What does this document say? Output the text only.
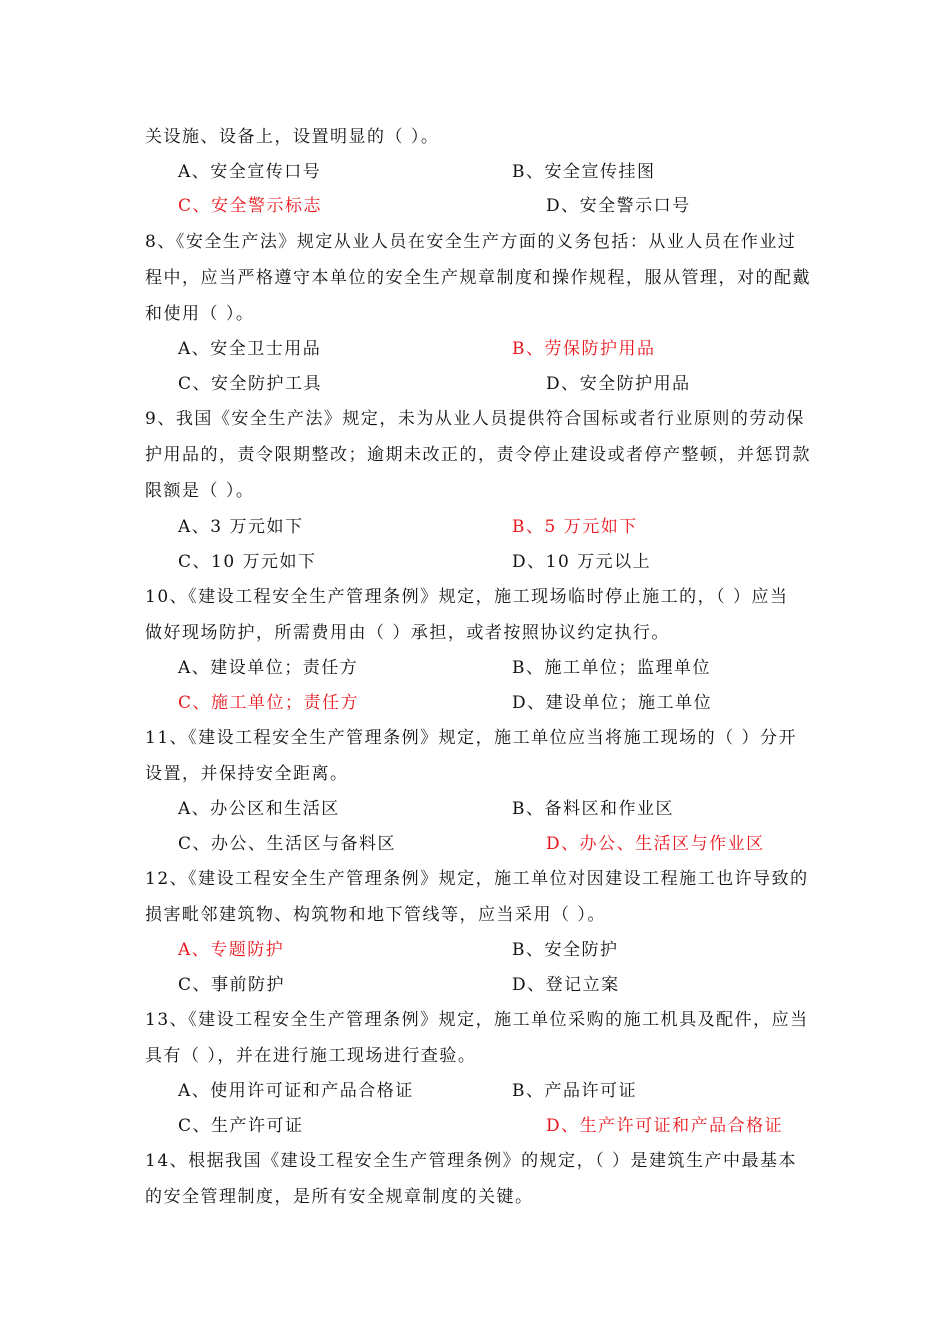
关设施、设备上，设置明显的（ ）。
A、安全宣传口号	B、安全宣传挂图
C、安全警示标志	D、安全警示口号
8、《安全生产法》规定从业人员在安全生产方面的义务包括：从业人员在作业过
程中，应当严格遵守本单位的安全生产规章制度和操作规程，服从管理，对的配戴
和使用（ ）。
A、安全卫士用品	B、劳保防护用品
C、安全防护工具	D、安全防护用品
9、我国《安全生产法》规定，未为从业人员提供符合国标或者行业原则的劳动保
护用品的，责令限期整改；逾期未改正的，责令停止建设或者停产整顿，并惩罚款
限额是（ ）。
A、3 万元如下	B、5 万元如下
C、10 万元如下	D、10 万元以上
10、《建设工程安全生产管理条例》规定，施工现场临时停止施工的，（ ）应当
做好现场防护，所需费用由（ ）承担，或者按照协议约定执行。
A、建设单位；责任方	B、施工单位；监理单位
C、施工单位；责任方	D、建设单位；施工单位
11、《建设工程安全生产管理条例》规定，施工单位应当将施工现场的（ ）分开
设置，并保持安全距离。
A、办公区和生活区	B、备料区和作业区
C、办公、生活区与备料区	D、办公、生活区与作业区
12、《建设工程安全生产管理条例》规定，施工单位对因建设工程施工也许导致的
损害毗邻建筑物、构筑物和地下管线等，应当采用（ ）。
A、专题防护	B、安全防护
C、事前防护	D、登记立案
13、《建设工程安全生产管理条例》规定，施工单位采购的施工机具及配件，应当
具有（ ），并在进行施工现场进行查验。
A、使用许可证和产品合格证	B、产品许可证
C、生产许可证	D、生产许可证和产品合格证
14、根据我国《建设工程安全生产管理条例》的规定，（ ）是建筑生产中最基本
的安全管理制度，是所有安全规章制度的关键。
